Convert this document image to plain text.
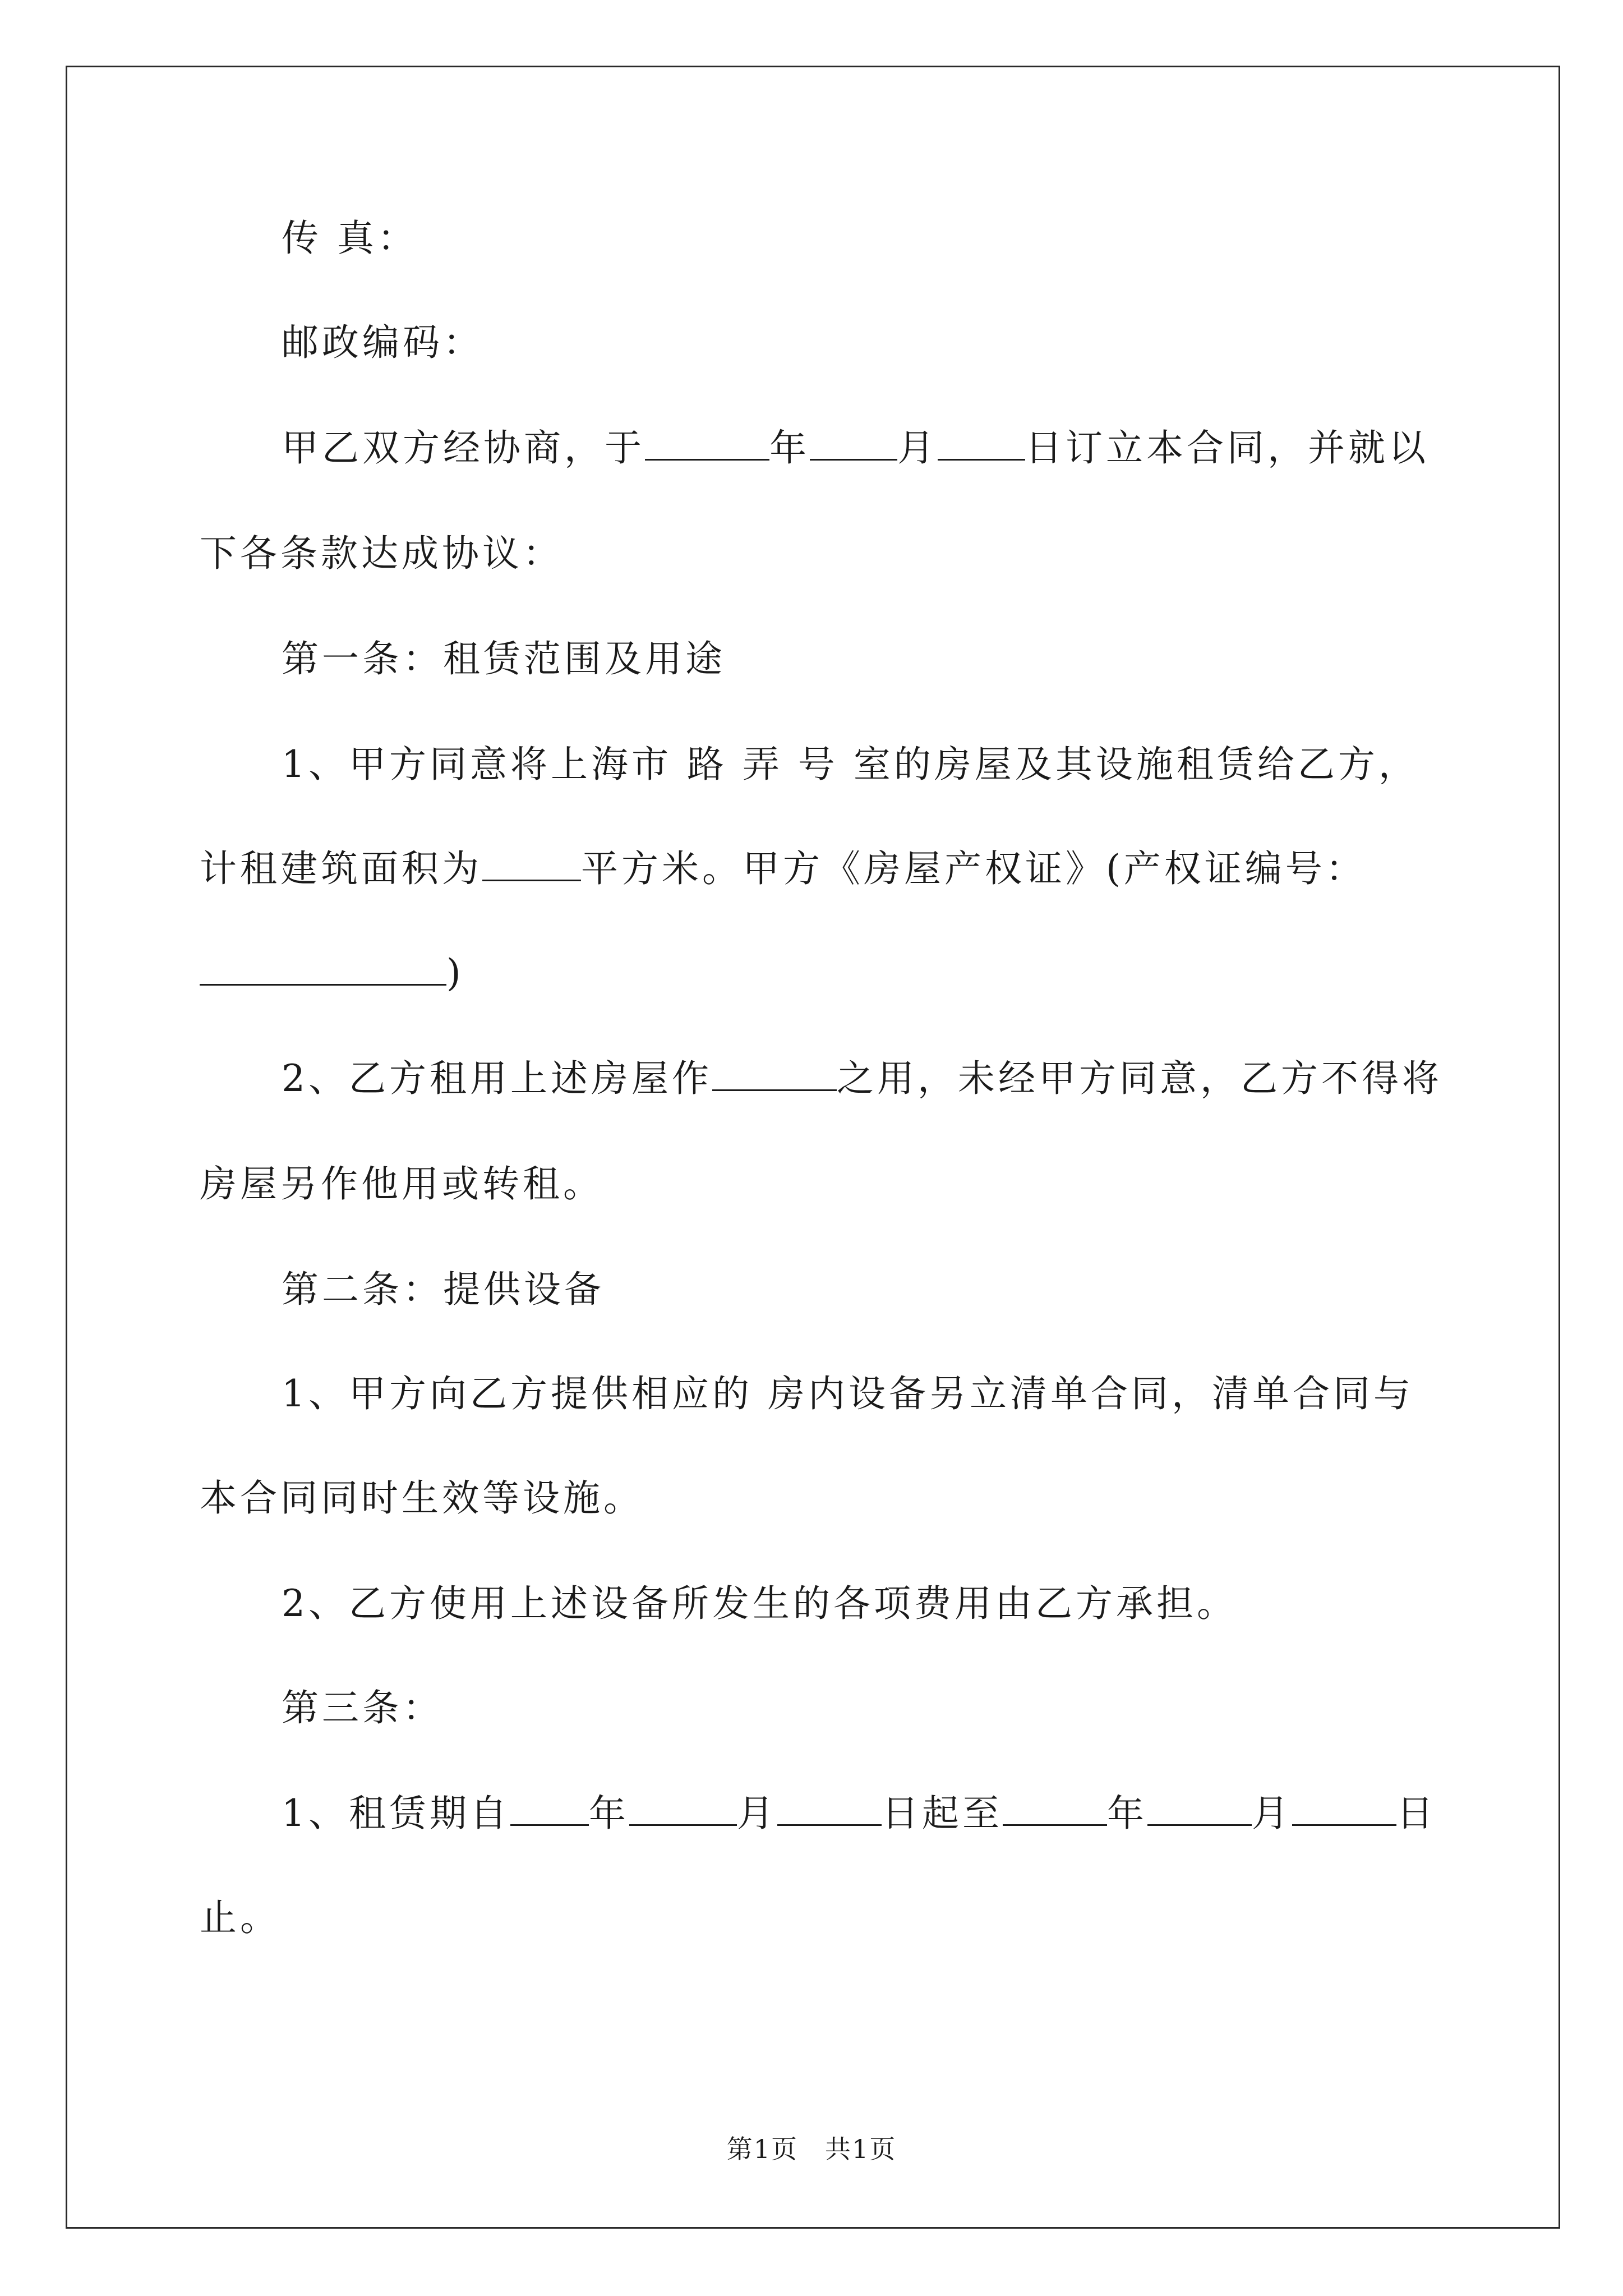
传 真：
邮政编码：
甲乙双方经协商，于	年 月 日订立本合同，并就以
下各条款达成协议：
第一条：租赁范围及用途
1、甲方同意将上海市 路 弄 号 室的房屋及其设施租赁给乙方，
计租建筑面积为	平方米。甲方《房屋产权证》(产权证编号：
)
2、乙方租用上述房屋作	之用，未经甲方同意，乙方不得将
房屋另作他用或转租。
第二条：提供设备
1、甲方向乙方提供相应的 房内设备另立清单合同，清单合同与
本合同同时生效等设施。
2、乙方使用上述设备所发生的各项费用由乙方承担。
第三条：
1、租赁期自 年	月	日起至	年	月	日
止。
第1页　共1页
